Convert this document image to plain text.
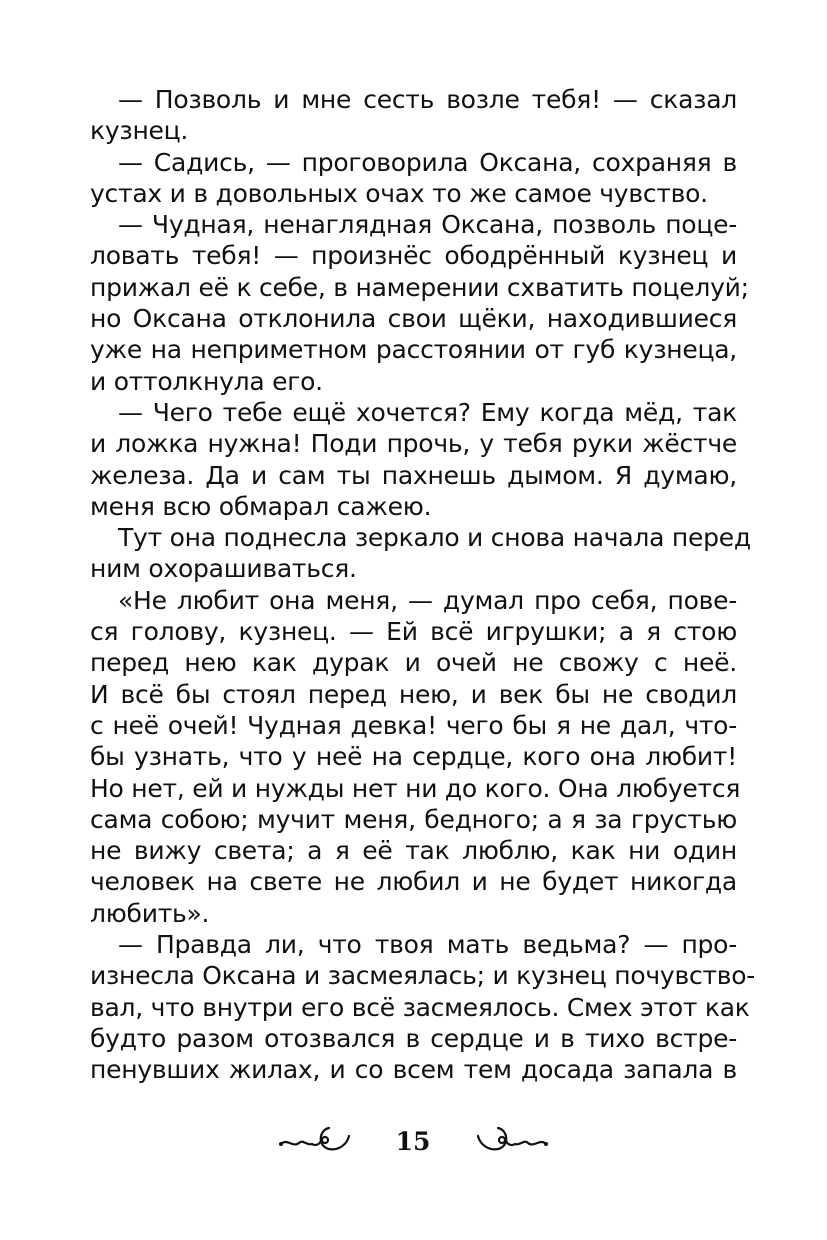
— Позволь и мне сесть возле тебя! — сказал
кузнец.
— Садись, — проговорила Оксана, сохраняя в
устах и в довольных очах то же самое чувство.
— Чудная, ненаглядная Оксана, позволь поце-
ловать тебя! — произнёс ободрённый кузнец и
прижал её к себе, в намерении схватить поцелуй;
но Оксана отклонила свои щёки, находившиеся
уже на неприметном расстоянии от губ кузнеца,
и оттолкнула его.
— Чего тебе ещё хочется? Ему когда мёд, так
и ложка нужна! Поди прочь, у тебя руки жёстче
железа. Да и сам ты пахнешь дымом. Я думаю,
меня всю обмарал сажею.
Тут она поднесла зеркало и снова начала перед
ним охорашиваться.
«Не любит она меня, — думал про себя, пове-
ся голову, кузнец. — Ей всё игрушки; а я стою
перед нею как дурак и очей не свожу с неё.
И всё бы стоял перед нею, и век бы не сводил
с неё очей! Чудная девка! чего бы я не дал, что-
бы узнать, что у неё на сердце, кого она любит!
Но нет, ей и нужды нет ни до кого. Она любуется
сама собою; мучит меня, бедного; а я за грустью
не вижу света; а я её так люблю, как ни один
человек на свете не любил и не будет никогда
любить».
— Правда ли, что твоя мать ведьма? — про-
изнесла Оксана и засмеялась; и кузнец почувство-
вал, что внутри его всё засмеялось. Смех этот как
будто разом отозвался в сердце и в тихо встре-
пенувших жилах, и со всем тем досада запала в
15
